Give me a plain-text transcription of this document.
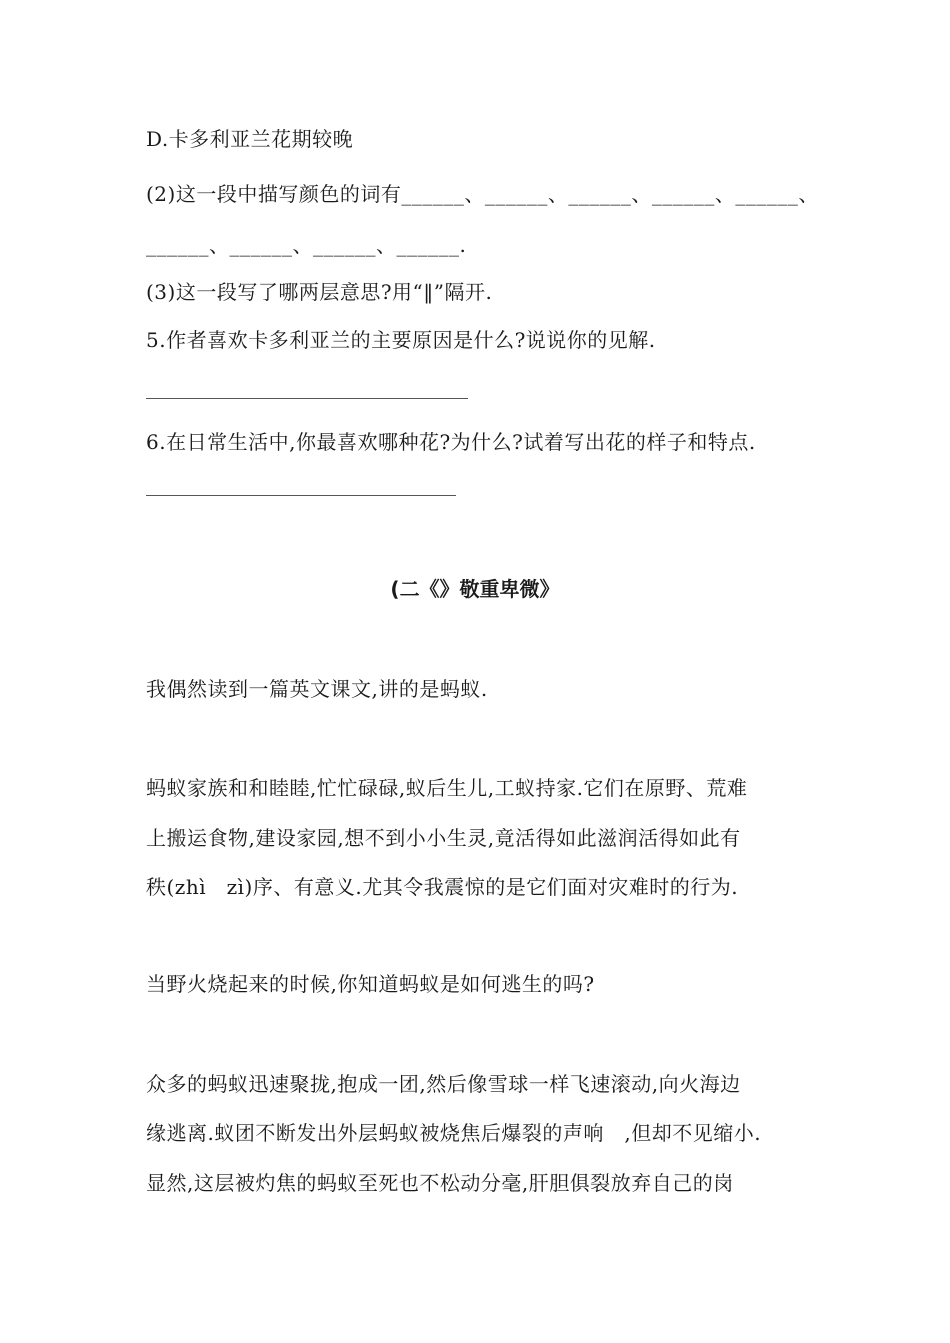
D.卡多利亚兰花期较晚
(2)这一段中描写颜色的词有______、______、______、______、______、
______、______、______、______.
(3)这一段写了哪两层意思?用“‖”隔开.
5.作者喜欢卡多利亚兰的主要原因是什么?说说你的见解.
6.在日常生活中,你最喜欢哪种花?为什么?试着写出花的样子和特点.
(二《》敬重卑微》
我偶然读到一篇英文课文,讲的是蚂蚁.
蚂蚁家族和和睦睦,忙忙碌碌,蚁后生儿,工蚁持家.它们在原野、荒难
上搬运食物,建设家园,想不到小小生灵,竟活得如此滋润活得如此有
秩(zhì　zì)序、有意义.尤其令我震惊的是它们面对灾难时的行为.
当野火烧起来的时候,你知道蚂蚁是如何逃生的吗?
众多的蚂蚁迅速聚拢,抱成一团,然后像雪球一样飞速滚动,向火海边
缘逃离.蚁团不断发出外层蚂蚁被烧焦后爆裂的声响　,但却不见缩小.
显然,这层被灼焦的蚂蚁至死也不松动分毫,肝胆俱裂放弃自己的岗
